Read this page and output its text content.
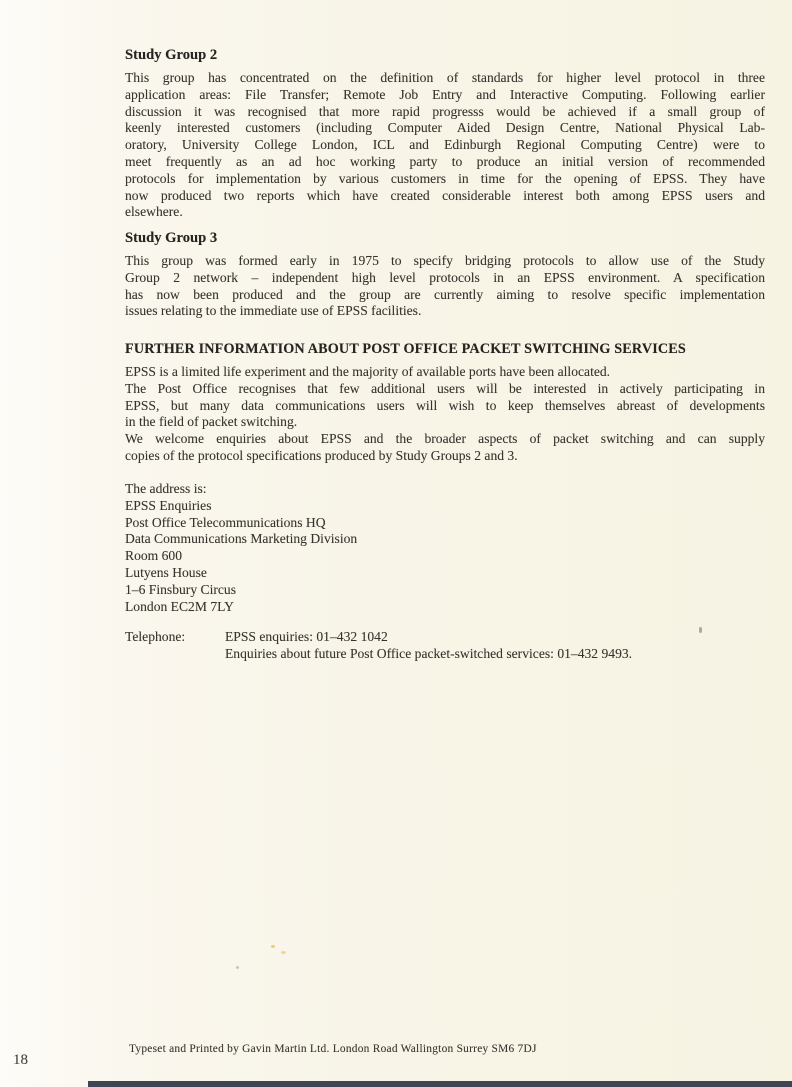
Study Group 2
This group has concentrated on the definition of standards for higher level protocol in three
application areas: File Transfer; Remote Job Entry and Interactive Computing. Following earlier
discussion it was recognised that more rapid progresss would be achieved if a small group of
keenly interested customers (including Computer Aided Design Centre, National Physical Lab-
oratory, University College London, ICL and Edinburgh Regional Computing Centre) were to
meet frequently as an ad hoc working party to produce an initial version of recommended
protocols for implementation by various customers in time for the opening of EPSS. They have
now produced two reports which have created considerable interest both among EPSS users and
elsewhere.
Study Group 3
This group was formed early in 1975 to specify bridging protocols to allow use of the Study
Group 2 network – independent high level protocols in an EPSS environment. A specification
has now been produced and the group are currently aiming to resolve specific implementation
issues relating to the immediate use of EPSS facilities.
FURTHER INFORMATION ABOUT POST OFFICE PACKET SWITCHING SERVICES
EPSS is a limited life experiment and the majority of available ports have been allocated.
The Post Office recognises that few additional users will be interested in actively participating in
EPSS, but many data communications users will wish to keep themselves abreast of developments
in the field of packet switching.
We welcome enquiries about EPSS and the broader aspects of packet switching and can supply
copies of the protocol specifications produced by Study Groups 2 and 3.
The address is:
EPSS Enquiries
Post Office Telecommunications HQ
Data Communications Marketing Division
Room 600
Lutyens House
1–6 Finsbury Circus
London EC2M 7LY
Telephone:	EPSS enquiries: 01–432 1042
Enquiries about future Post Office packet-switched services: 01–432 9493.
Typeset and Printed by Gavin Martin Ltd. London Road Wallington Surrey SM6 7DJ
18
